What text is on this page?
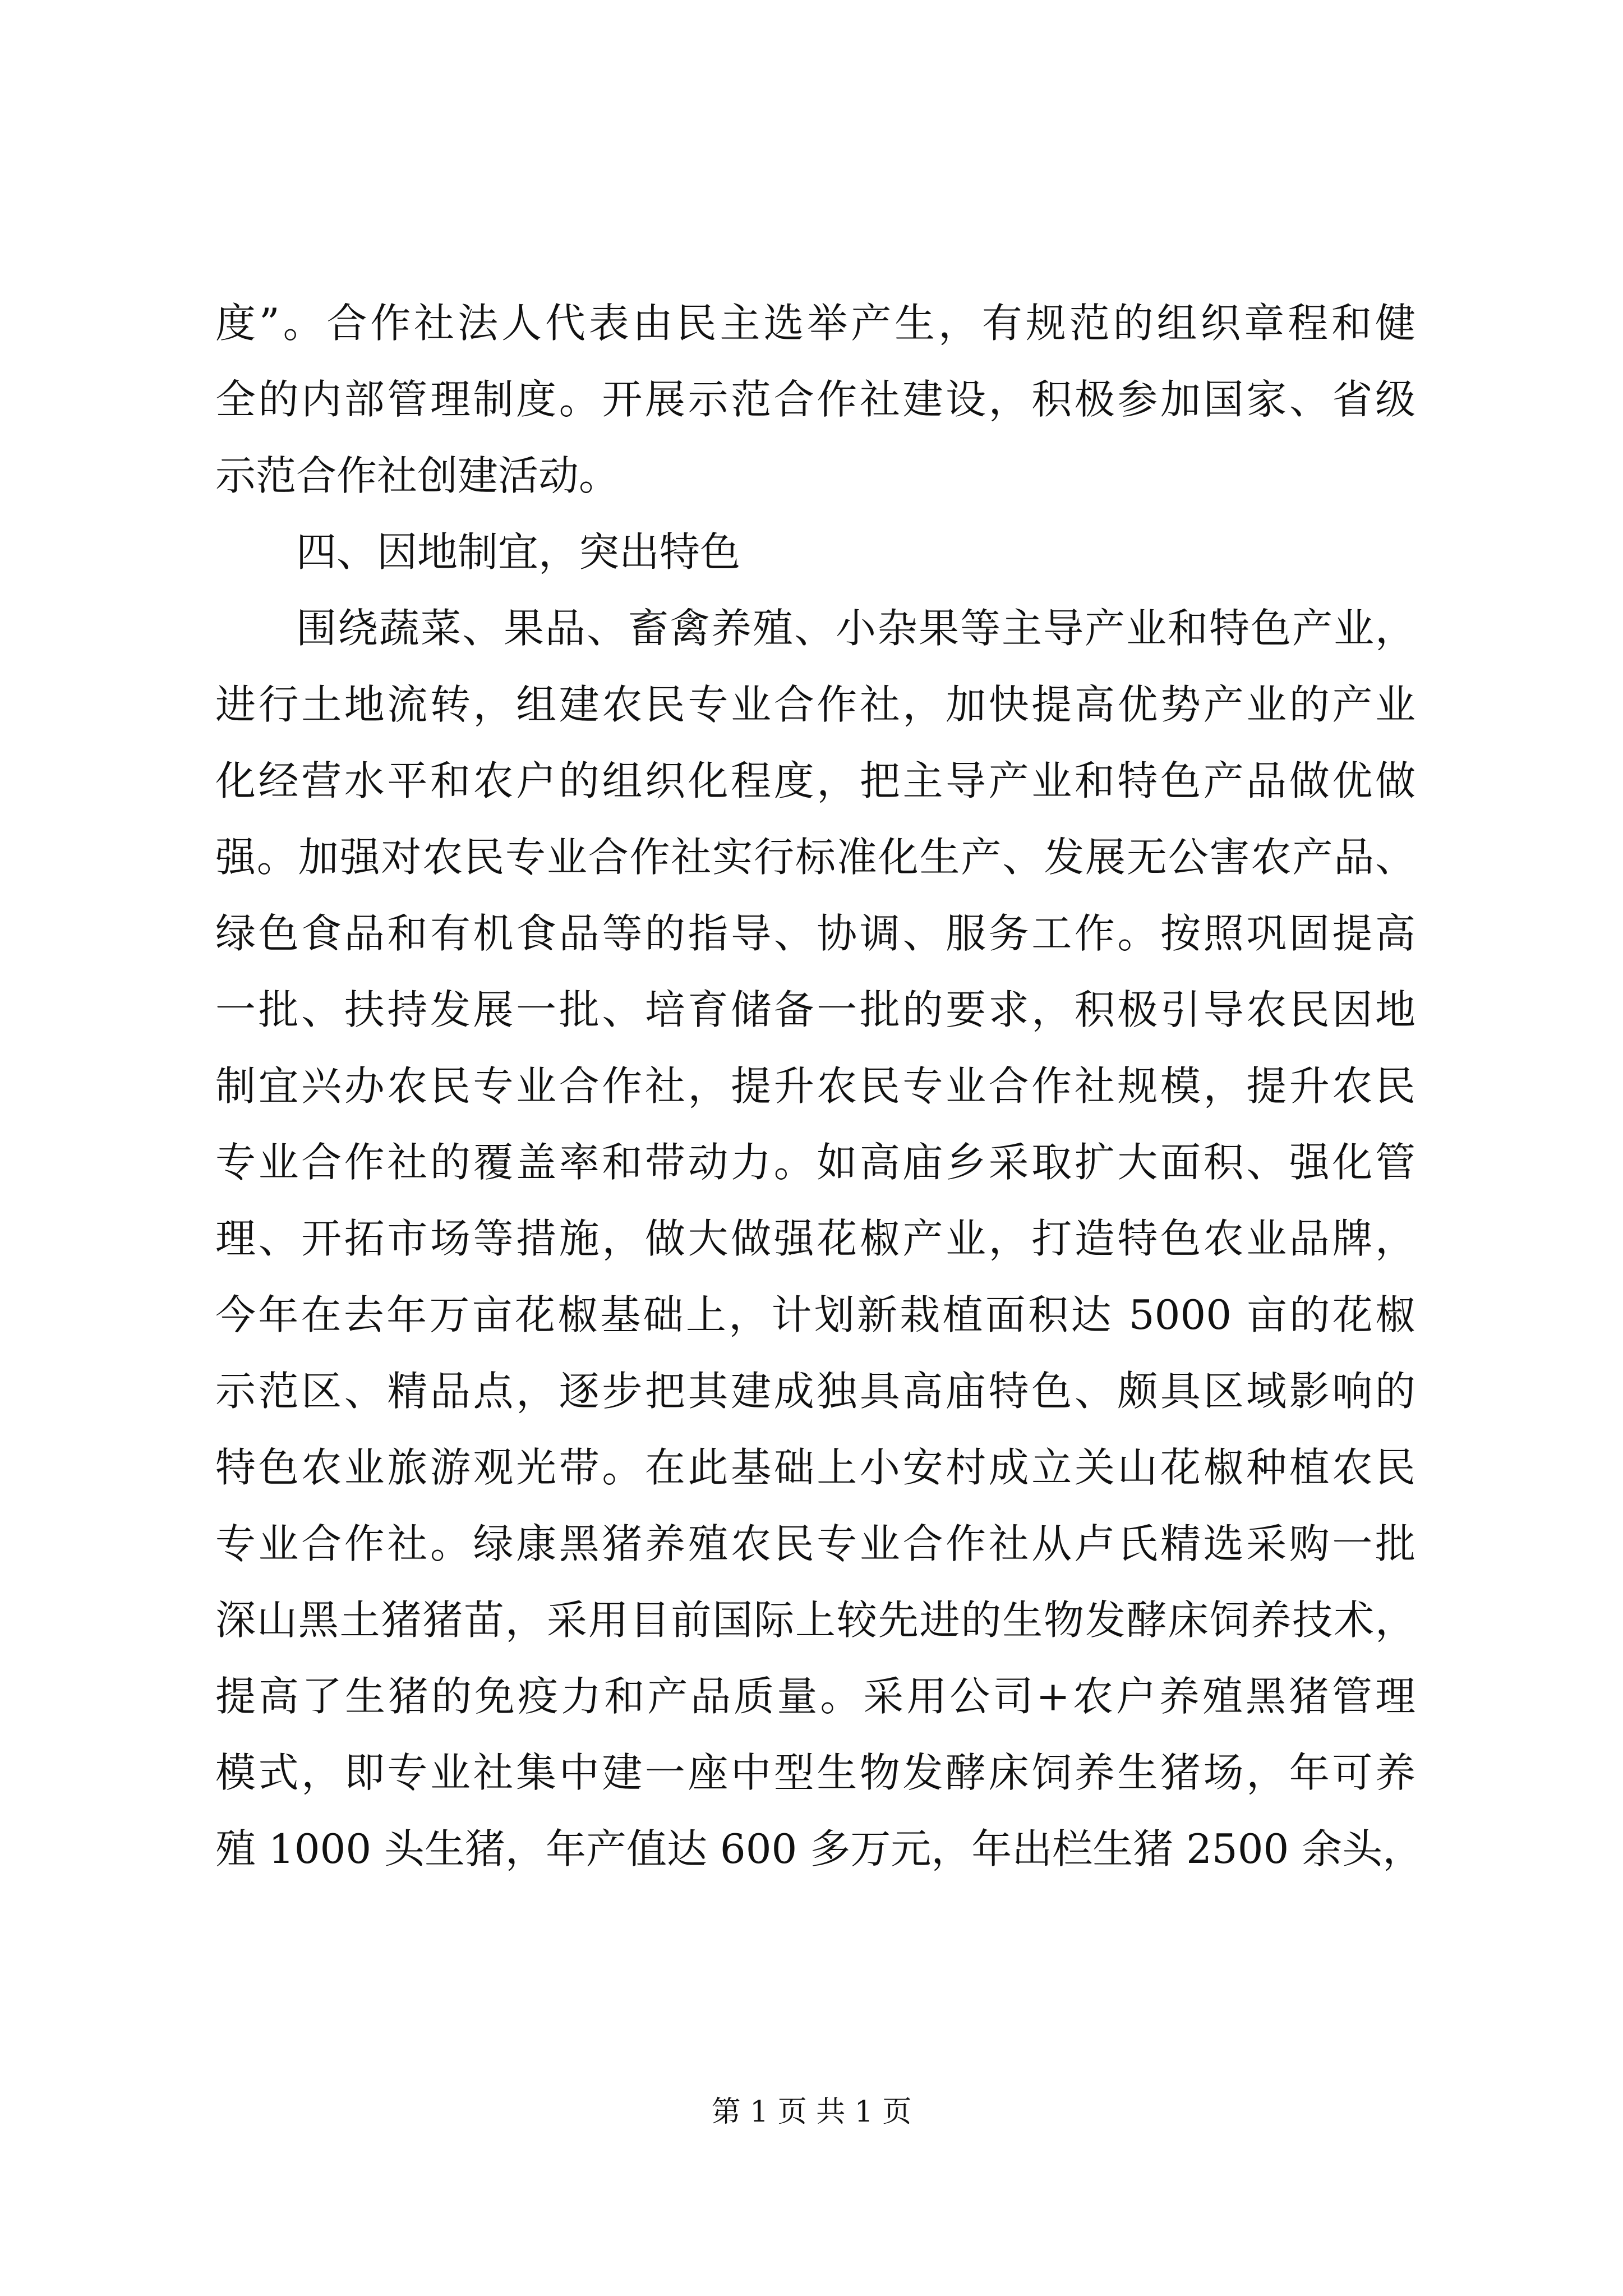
度”。合作社法人代表由民主选举产生，有规范的组织章程和健
全的内部管理制度。开展示范合作社建设，积极参加国家、省级
示范合作社创建活动。
四、因地制宜，突出特色
围绕蔬菜、果品、畜禽养殖、小杂果等主导产业和特色产业，
进行土地流转，组建农民专业合作社，加快提高优势产业的产业
化经营水平和农户的组织化程度，把主导产业和特色产品做优做
强。加强对农民专业合作社实行标准化生产、发展无公害农产品、
绿色食品和有机食品等的指导、协调、服务工作。按照巩固提高
一批、扶持发展一批、培育储备一批的要求，积极引导农民因地
制宜兴办农民专业合作社，提升农民专业合作社规模，提升农民
专业合作社的覆盖率和带动力。如高庙乡采取扩大面积、强化管
理、开拓市场等措施，做大做强花椒产业，打造特色农业品牌，
今年在去年万亩花椒基础上，计划新栽植面积达 5000 亩的花椒
示范区、精品点，逐步把其建成独具高庙特色、颇具区域影响的
特色农业旅游观光带。在此基础上小安村成立关山花椒种植农民
专业合作社。绿康黑猪养殖农民专业合作社从卢氏精选采购一批
深山黑土猪猪苗，采用目前国际上较先进的生物发酵床饲养技术，
提高了生猪的免疫力和产品质量。采用公司+农户养殖黑猪管理
模式，即专业社集中建一座中型生物发酵床饲养生猪场，年可养
殖 1000 头生猪，年产值达 600 多万元，年出栏生猪 2500 余头，
第 1 页 共 1 页
